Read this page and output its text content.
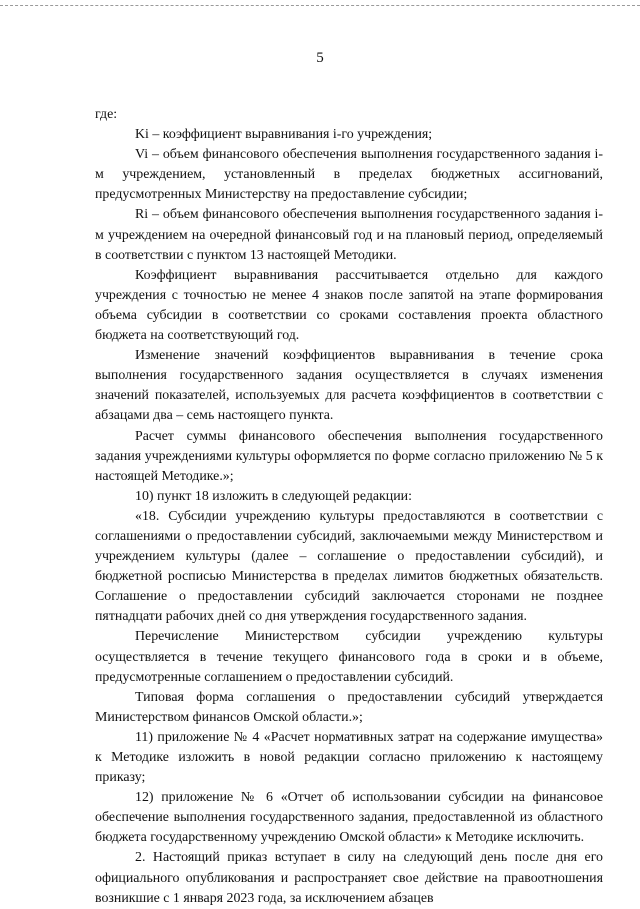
5

где:

Ki – коэффициент выравнивания i-го учреждения;

Vi – объем финансового обеспечения выполнения государственного задания i-м учреждением, установленный в пределах бюджетных ассигнований, предусмотренных Министерству на предоставление субсидии;

Ri – объем финансового обеспечения выполнения государственного задания i-м учреждением на очередной финансовый год и на плановый период, определяемый в соответствии с пунктом 13 настоящей Методики.

Коэффициент выравнивания рассчитывается отдельно для каждого учреждения с точностью не менее 4 знаков после запятой на этапе формирования объема субсидии в соответствии со сроками составления проекта областного бюджета на соответствующий год.

Изменение значений коэффициентов выравнивания в течение срока выполнения государственного задания осуществляется в случаях изменения значений показателей, используемых для расчета коэффициентов в соответствии с абзацами два – семь настоящего пункта.

Расчет суммы финансового обеспечения выполнения государственного задания учреждениями культуры оформляется по форме согласно приложению № 5 к настоящей Методике.»;

10) пункт 18 изложить в следующей редакции:

«18. Субсидии учреждению культуры предоставляются в соответствии с соглашениями о предоставлении субсидий, заключаемыми между Министерством и учреждением культуры (далее – соглашение о предоставлении субсидий), и бюджетной росписью Министерства в пределах лимитов бюджетных обязательств. Соглашение о предоставлении субсидий заключается сторонами не позднее пятнадцати рабочих дней со дня утверждения государственного задания.

Перечисление Министерством субсидии учреждению культуры осуществляется в течение текущего финансового года в сроки и в объеме, предусмотренные соглашением о предоставлении субсидий.

Типовая форма соглашения о предоставлении субсидий утверждается Министерством финансов Омской области.»;

11) приложение № 4 «Расчет нормативных затрат на содержание имущества» к Методике изложить в новой редакции согласно приложению к настоящему приказу;

12) приложение № 6 «Отчет об использовании субсидии на финансовое обеспечение выполнения государственного задания, предоставленной из областного бюджета государственному учреждению Омской области» к Методике исключить.

2. Настоящий приказ вступает в силу на следующий день после дня его официального опубликования и распространяет свое действие на правоотношения возникшие с 1 января 2023 года, за исключением абзацев
